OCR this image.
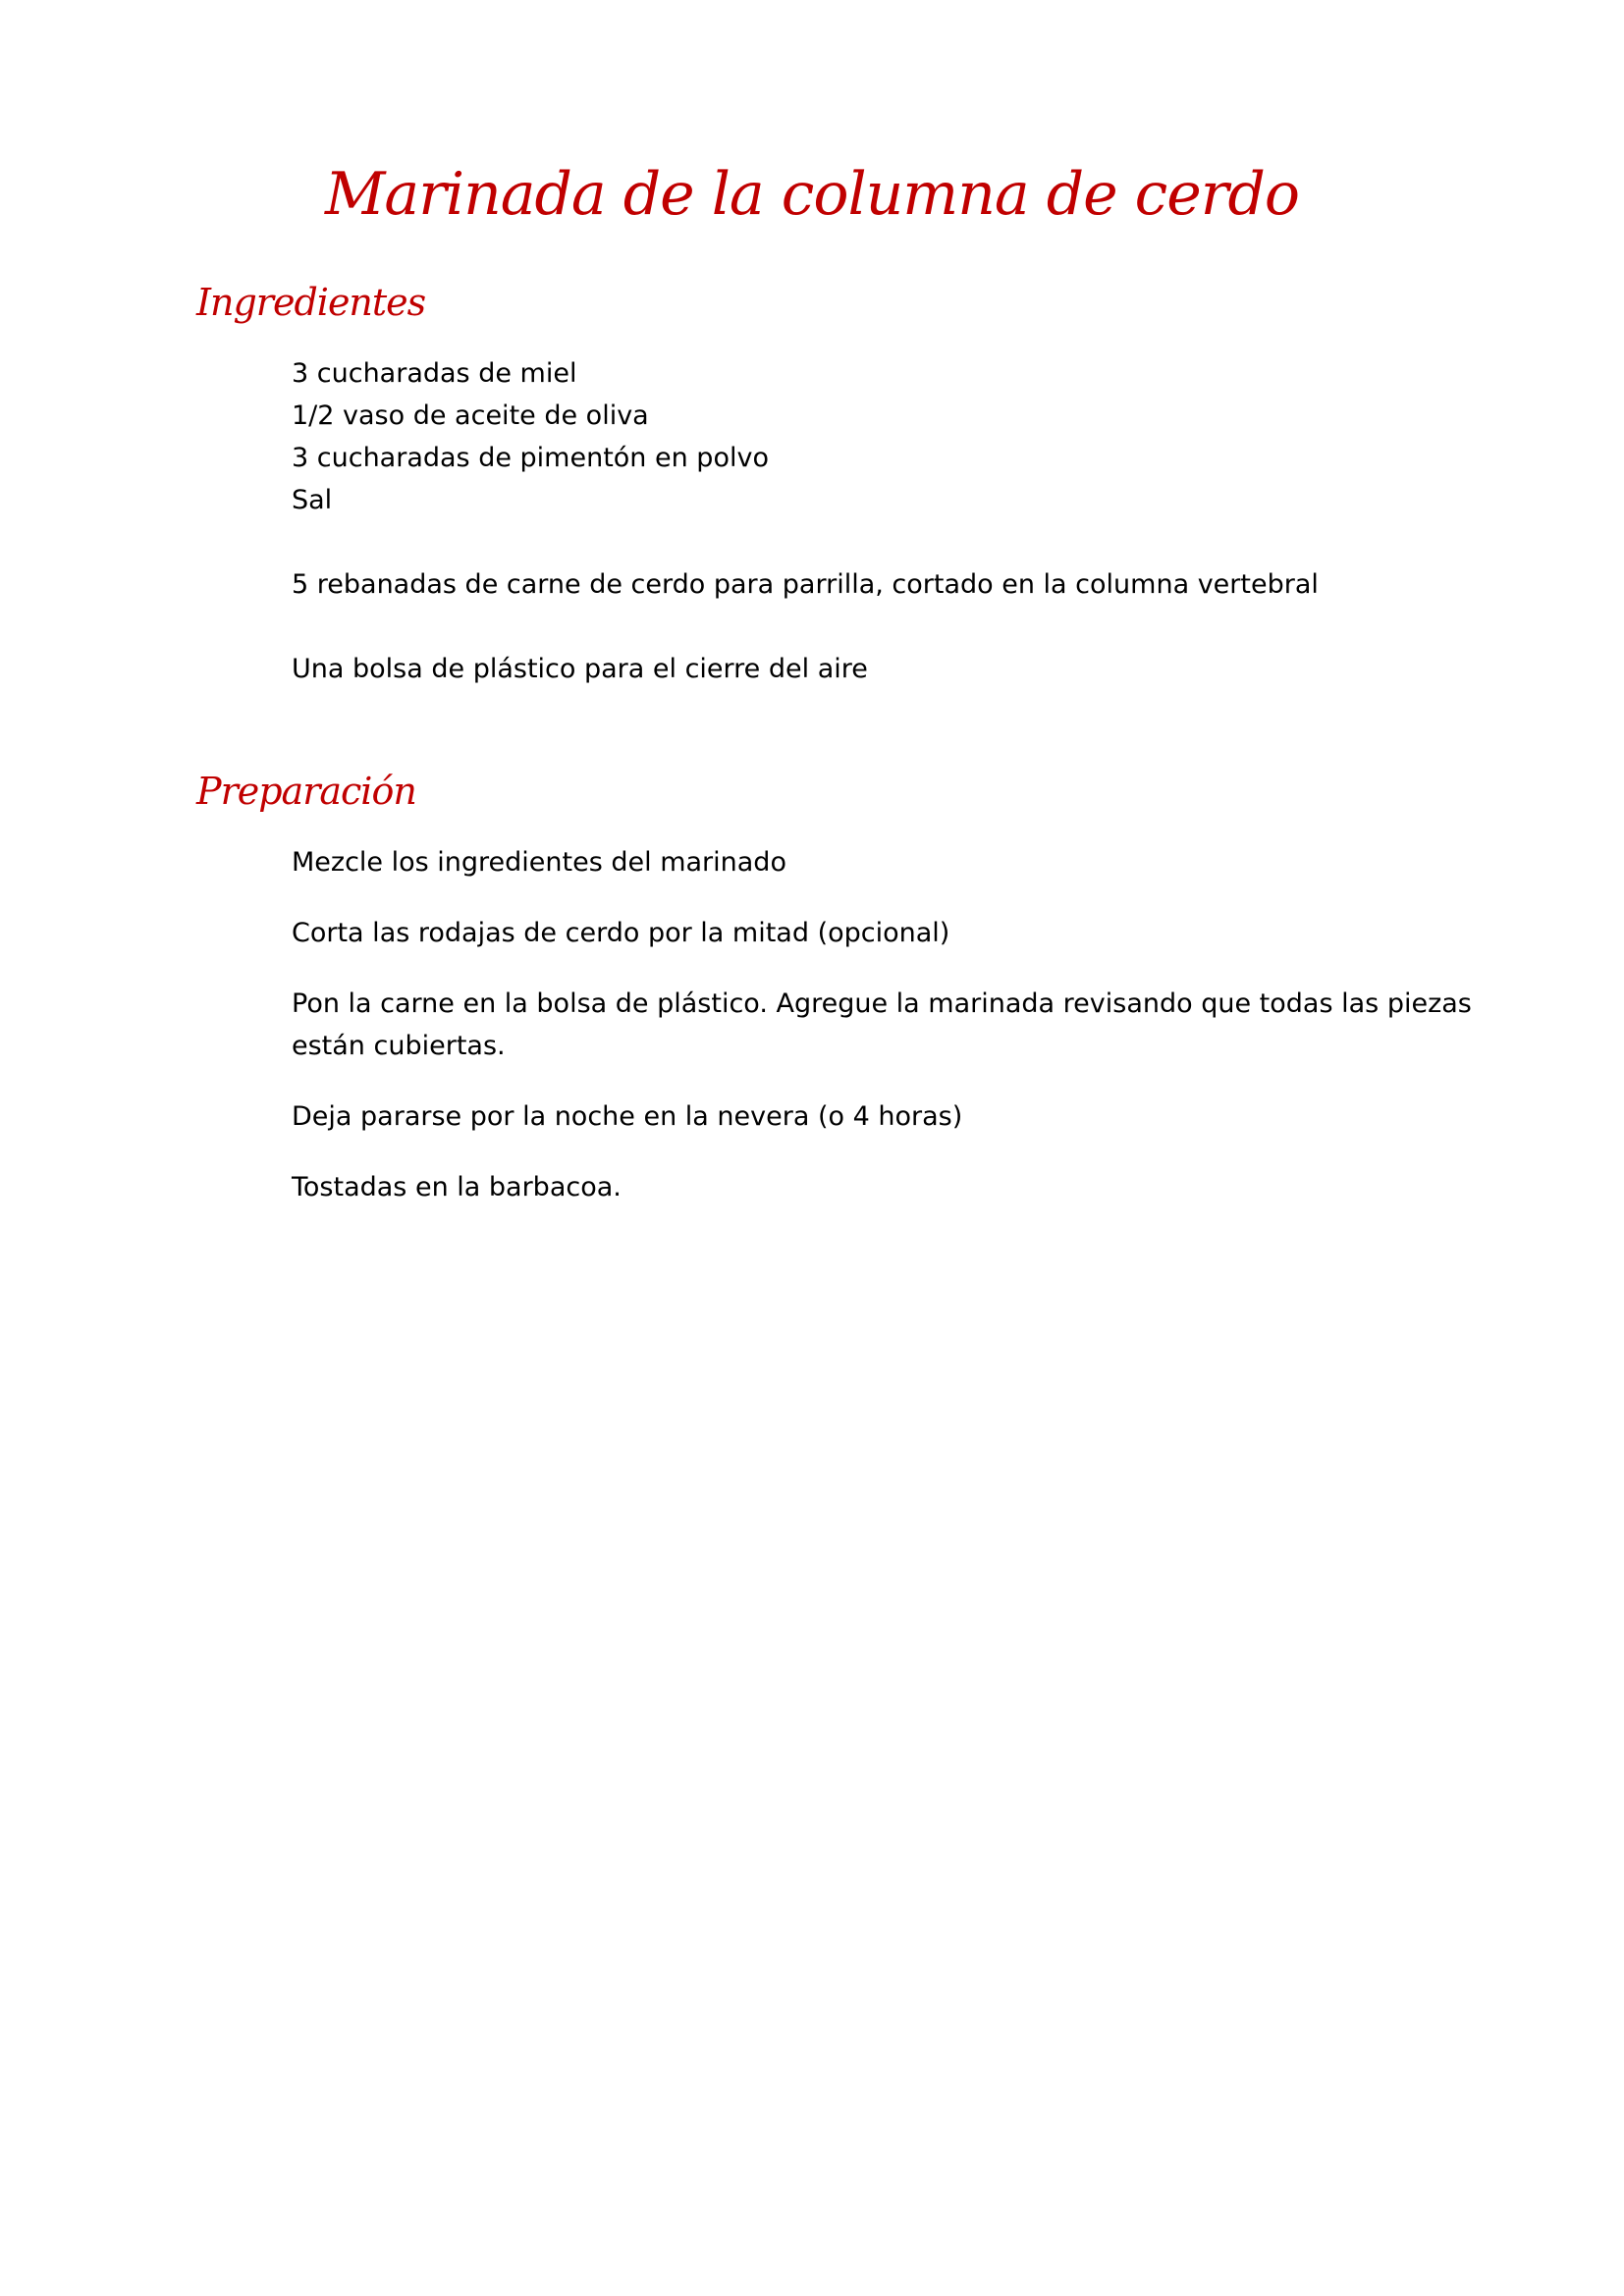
Marinada de la columna de cerdo
Ingredientes

3 cucharadas de miel

1/2 vaso de aceite de oliva

3 cucharadas de pimentón en polvo

Sal

5 rebanadas de carne de cerdo para parrilla, cortado en la columna vertebral

Una bolsa de plástico para el cierre del aire

Preparación

Mezcle los ingredientes del marinado

Corta las rodajas de cerdo por la mitad (opcional)

Pon la carne en la bolsa de plástico. Agregue la marinada revisando que todas las piezas

están cubiertas.

Deja pararse por la noche en la nevera (o 4 horas)

Tostadas en la barbacoa.
